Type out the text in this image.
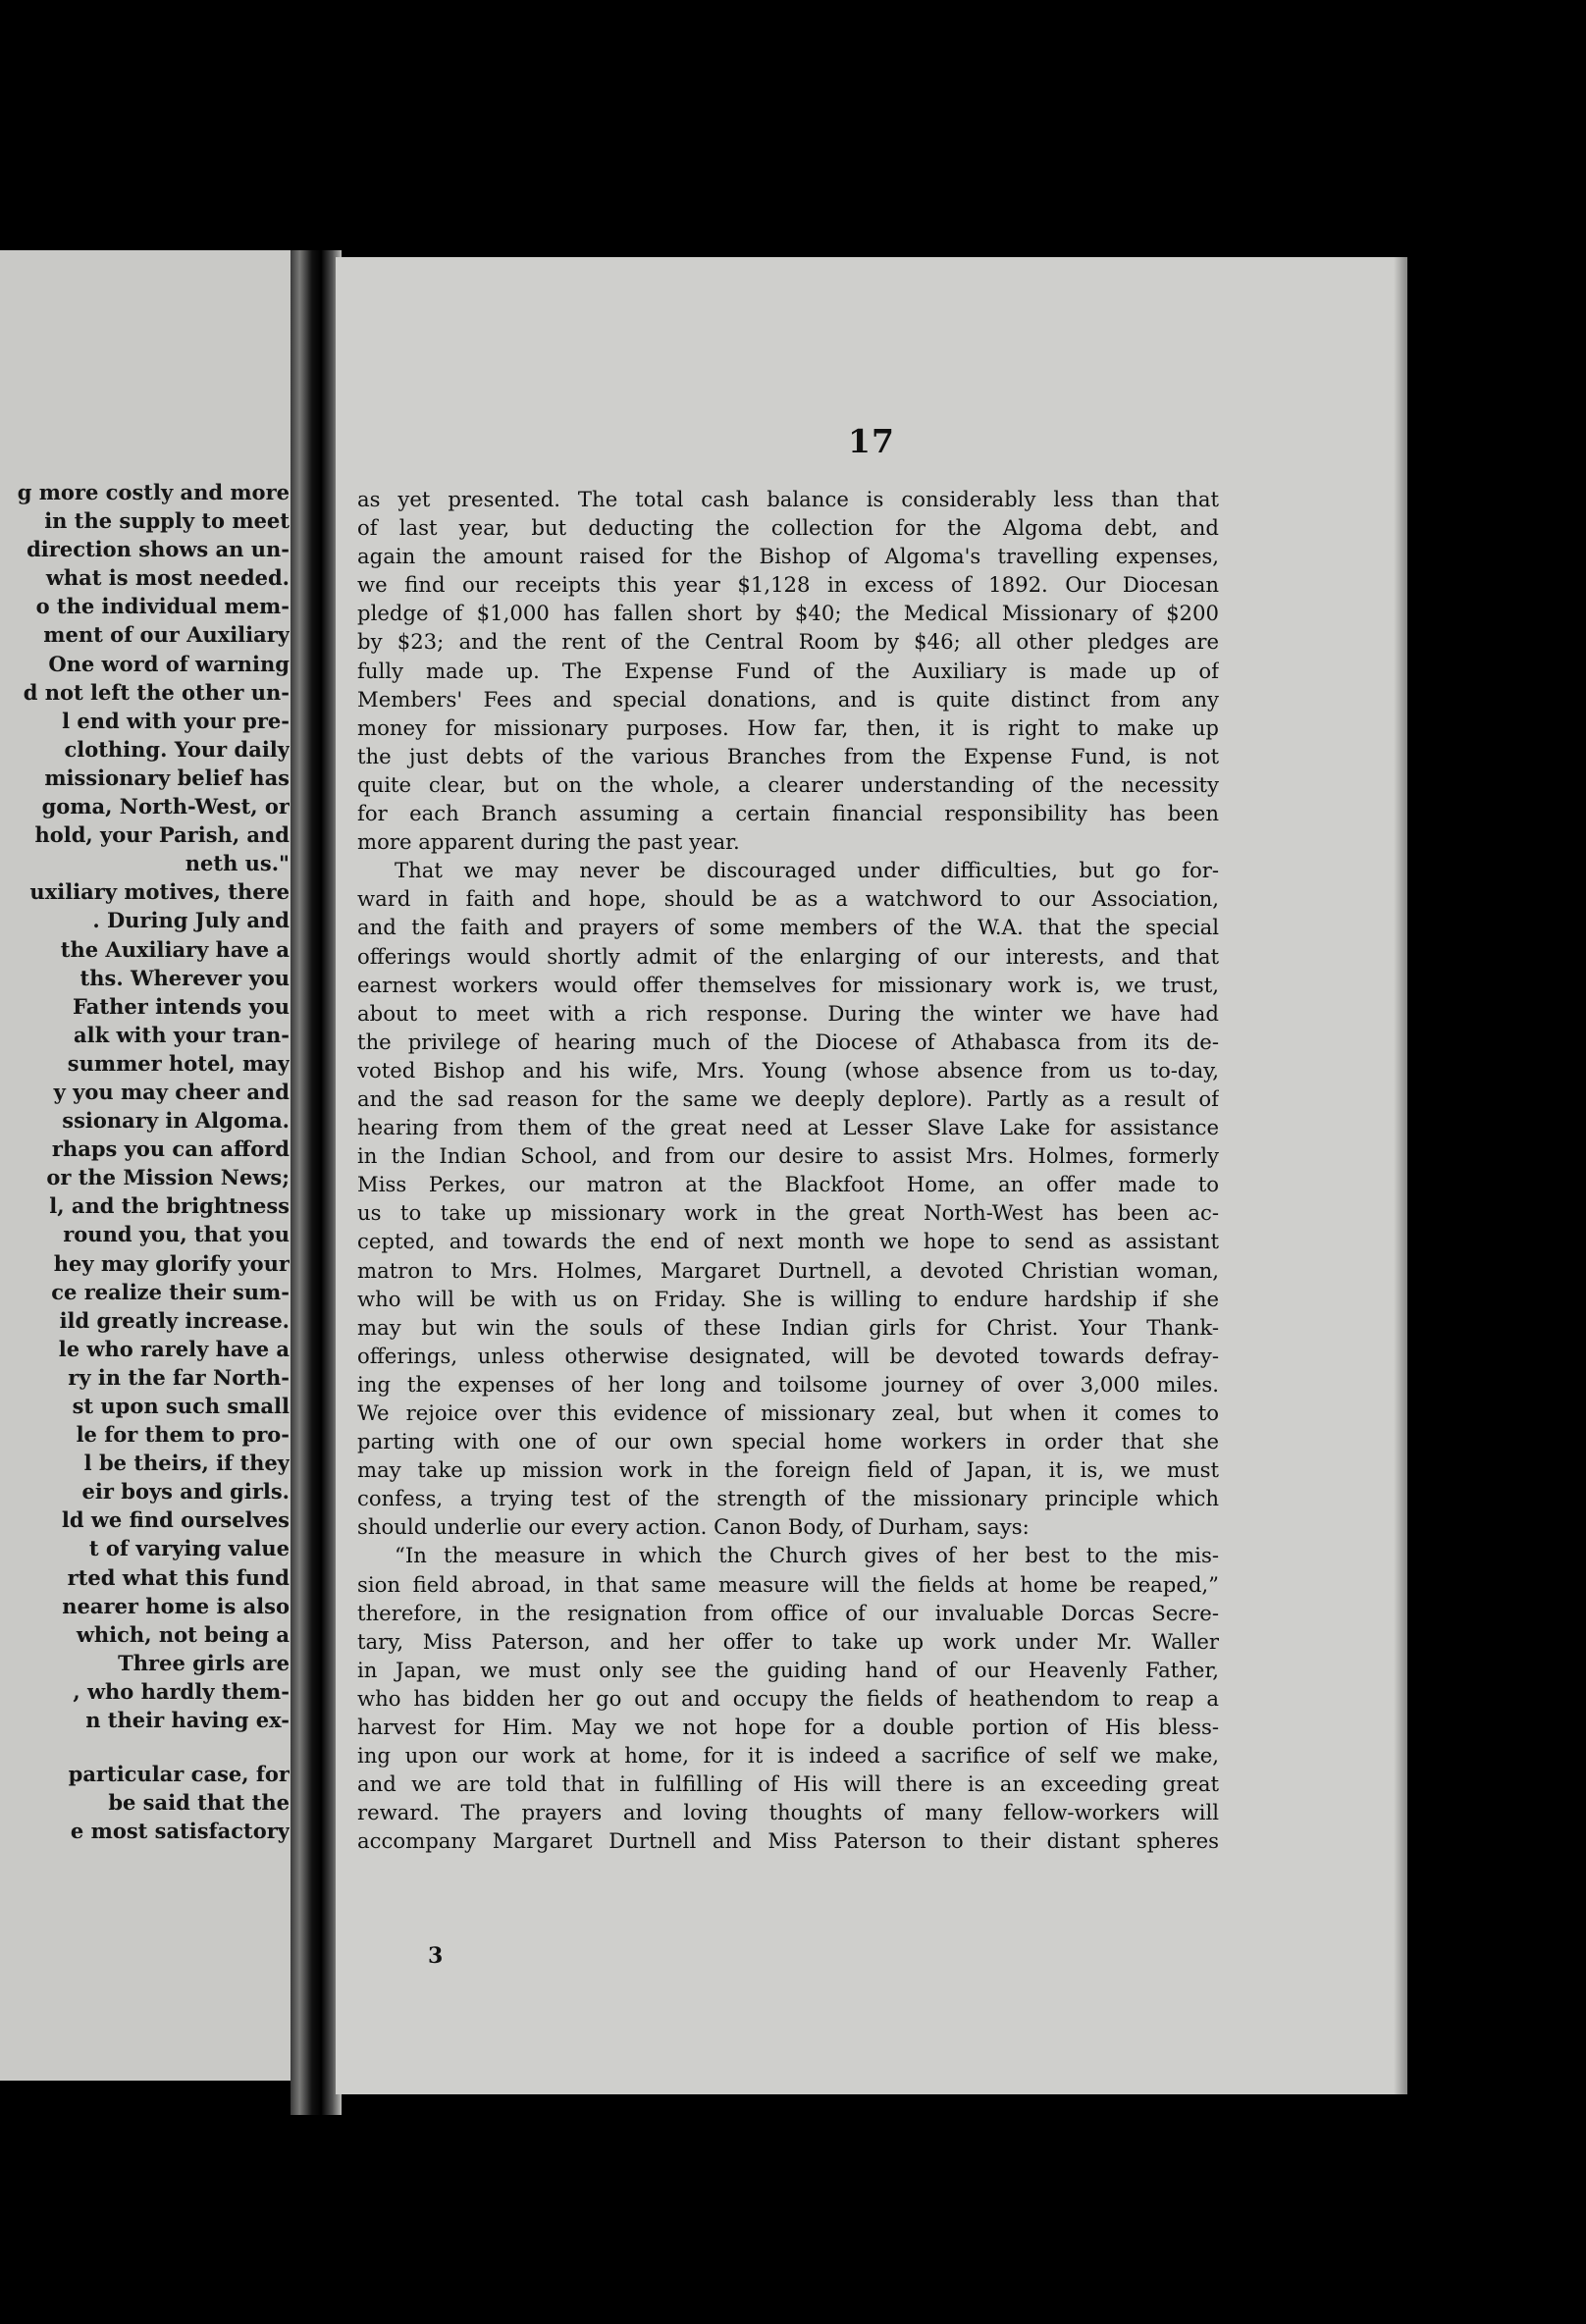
g more costly and more
in the supply to meet
direction shows an un-
what is most needed.
o the individual mem-
ment of our Auxiliary
One word of warning
d not left the other un-
l end with your pre-
clothing. Your daily
missionary belief has
goma, North-West, or
hold, your Parish, and
neth us."
uxiliary motives, there
. During July and
the Auxiliary have a
ths. Wherever you
Father intends you
alk with your tran-
summer hotel, may
y you may cheer and
ssionary in Algoma.
rhaps you can afford
or the Mission News;
l, and the brightness
round you, that you
hey may glorify your
ce realize their sum-
ild greatly increase.
le who rarely have a
ry in the far North-
st upon such small
le for them to pro-
l be theirs, if they
eir boys and girls.
ld we find ourselves
t of varying value
rted what this fund
nearer home is also
which, not being a
Three girls are
, who hardly them-
n their having ex-
particular case, for
be said that the
e most satisfactory
17
as yet presented. The total cash balance is considerably less than that
of last year, but deducting the collection for the Algoma debt, and
again the amount raised for the Bishop of Algoma's travelling expenses,
we find our receipts this year $1,128 in excess of 1892. Our Diocesan
pledge of $1,000 has fallen short by $40; the Medical Missionary of $200
by $23; and the rent of the Central Room by $46; all other pledges are
fully made up. The Expense Fund of the Auxiliary is made up of
Members' Fees and special donations, and is quite distinct from any
money for missionary purposes. How far, then, it is right to make up
the just debts of the various Branches from the Expense Fund, is not
quite clear, but on the whole, a clearer understanding of the necessity
for each Branch assuming a certain financial responsibility has been
more apparent during the past year.
That we may never be discouraged under difficulties, but go for-
ward in faith and hope, should be as a watchword to our Association,
and the faith and prayers of some members of the W.A. that the special
offerings would shortly admit of the enlarging of our interests, and that
earnest workers would offer themselves for missionary work is, we trust,
about to meet with a rich response. During the winter we have had
the privilege of hearing much of the Diocese of Athabasca from its de-
voted Bishop and his wife, Mrs. Young (whose absence from us to-day,
and the sad reason for the same we deeply deplore). Partly as a result of
hearing from them of the great need at Lesser Slave Lake for assistance
in the Indian School, and from our desire to assist Mrs. Holmes, formerly
Miss Perkes, our matron at the Blackfoot Home, an offer made to
us to take up missionary work in the great North-West has been ac-
cepted, and towards the end of next month we hope to send as assistant
matron to Mrs. Holmes, Margaret Durtnell, a devoted Christian woman,
who will be with us on Friday. She is willing to endure hardship if she
may but win the souls of these Indian girls for Christ. Your Thank-
offerings, unless otherwise designated, will be devoted towards defray-
ing the expenses of her long and toilsome journey of over 3,000 miles.
We rejoice over this evidence of missionary zeal, but when it comes to
parting with one of our own special home workers in order that she
may take up mission work in the foreign field of Japan, it is, we must
confess, a trying test of the strength of the missionary principle which
should underlie our every action. Canon Body, of Durham, says:
“In the measure in which the Church gives of her best to the mis-
sion field abroad, in that same measure will the fields at home be reaped,”
therefore, in the resignation from office of our invaluable Dorcas Secre-
tary, Miss Paterson, and her offer to take up work under Mr. Waller
in Japan, we must only see the guiding hand of our Heavenly Father,
who has bidden her go out and occupy the fields of heathendom to reap a
harvest for Him. May we not hope for a double portion of His bless-
ing upon our work at home, for it is indeed a sacrifice of self we make,
and we are told that in fulfilling of His will there is an exceeding great
reward. The prayers and loving thoughts of many fellow-workers will
accompany Margaret Durtnell and Miss Paterson to their distant spheres
3
